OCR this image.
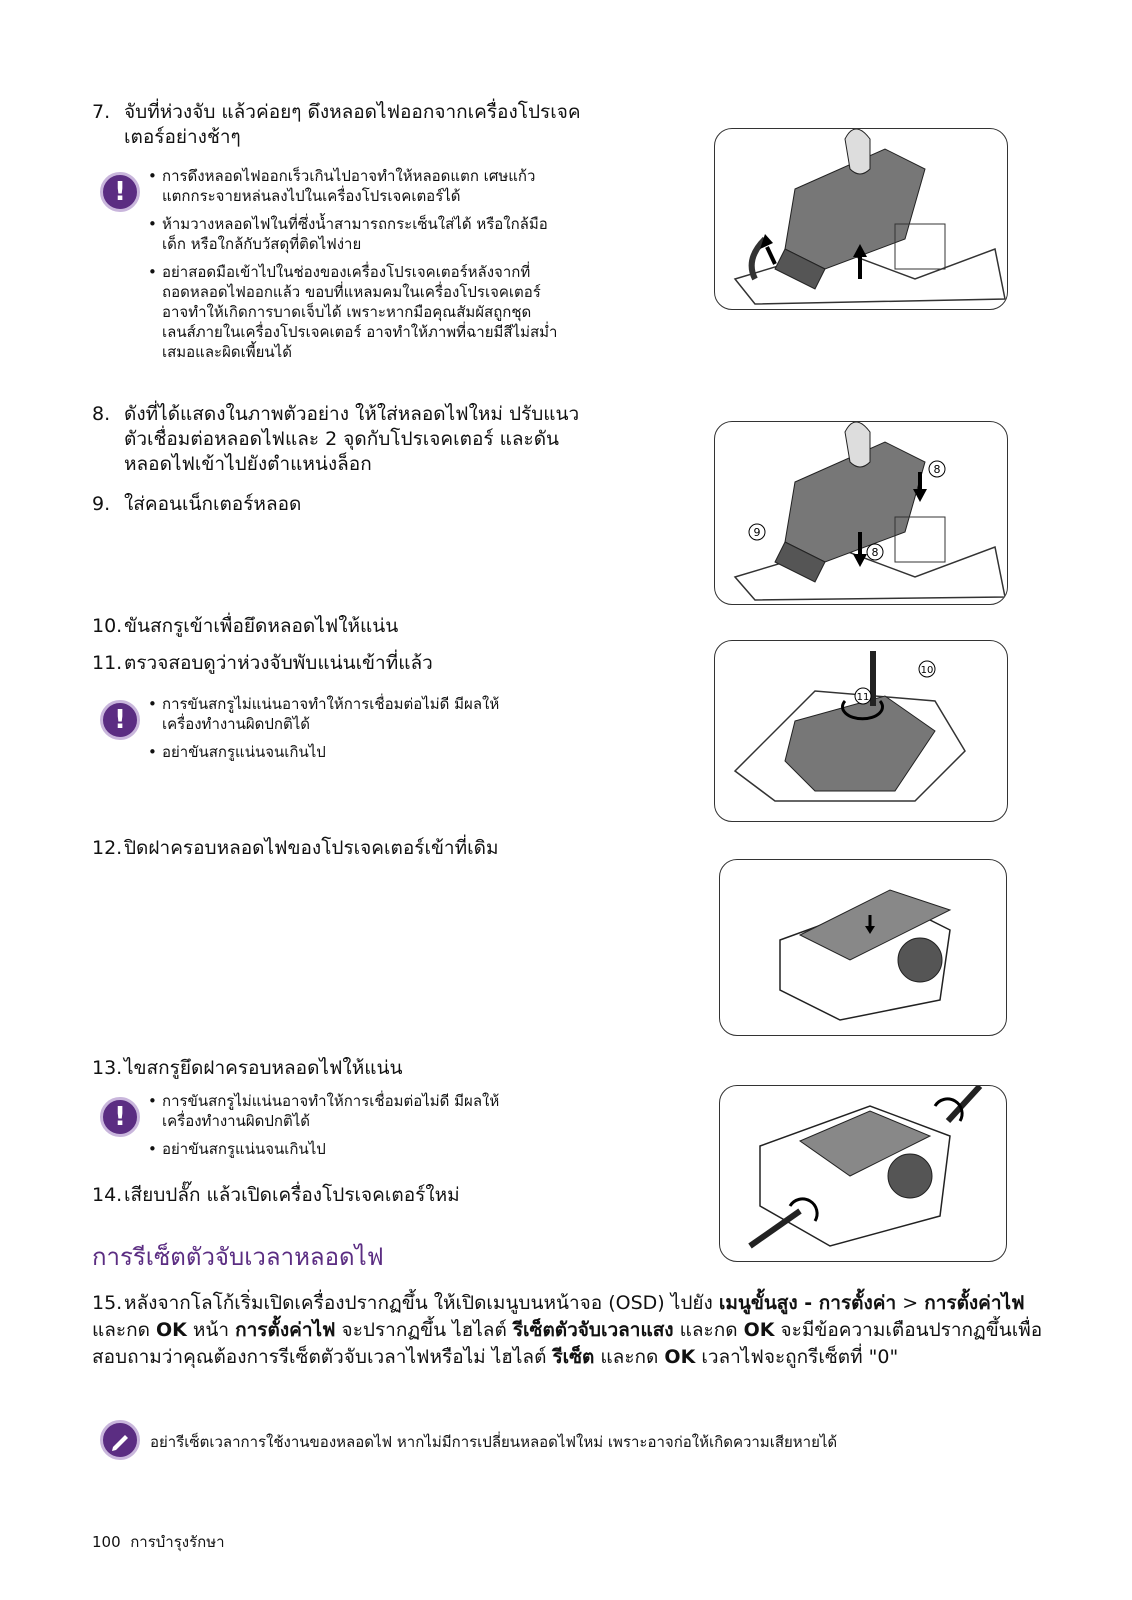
7. จับที่ห่วงจับ แล้วค่อยๆ ดึงหลอดไฟออกจากเครื่องโปรเจค
เตอร์อย่างช้าๆ
!
• การดึงหลอดไฟออกเร็วเกินไปอาจทำให้หลอดแตก เศษแก้ว
แตกกระจายหล่นลงไปในเครื่องโปรเจคเตอร์ได้
• ห้ามวางหลอดไฟในที่ซึ่งน้ำสามารถกระเซ็นใส่ได้ หรือใกล้มือ
เด็ก หรือใกล้กับวัสดุที่ติดไฟง่าย
• อย่าสอดมือเข้าไปในช่องของเครื่องโปรเจคเตอร์หลังจากที่
ถอดหลอดไฟออกแล้ว ขอบที่แหลมคมในเครื่องโปรเจคเตอร์
อาจทำให้เกิดการบาดเจ็บได้ เพราะหากมือคุณสัมผัสถูกชุด
เลนส์ภายในเครื่องโปรเจคเตอร์ อาจทำให้ภาพที่ฉายมีสีไม่สม่ำ
เสมอและผิดเพี้ยนได้
8. ดังที่ได้แสดงในภาพตัวอย่าง ให้ใส่หลอดไฟใหม่ ปรับแนว
ตัวเชื่อมต่อหลอดไฟและ 2 จุดกับโปรเจคเตอร์ และดัน
หลอดไฟเข้าไปยังตำแหน่งล็อก
9. ใส่คอนเน็กเตอร์หลอด
8
9
8
10.ขันสกรูเข้าเพื่อยึดหลอดไฟให้แน่น
11.ตรวจสอบดูว่าห่วงจับพับแน่นเข้าที่แล้ว
!
• การขันสกรูไม่แน่นอาจทำให้การเชื่อมต่อไม่ดี มีผลให้
เครื่องทำงานผิดปกติได้
• อย่าขันสกรูแน่นจนเกินไป
10
11
12.ปิดฝาครอบหลอดไฟของโปรเจคเตอร์เข้าที่เดิม
13.ไขสกรูยึดฝาครอบหลอดไฟให้แน่น
!
• การขันสกรูไม่แน่นอาจทำให้การเชื่อมต่อไม่ดี มีผลให้
เครื่องทำงานผิดปกติได้
• อย่าขันสกรูแน่นจนเกินไป
14.เสียบปลั๊ก แล้วเปิดเครื่องโปรเจคเตอร์ใหม่
การรีเซ็ตตัวจับเวลาหลอดไฟ
15.หลังจากโลโก้เริ่มเปิดเครื่องปรากฏขึ้น ให้เปิดเมนูบนหน้าจอ (OSD) ไปยัง เมนูขั้นสูง - การตั้งค่า > การตั้งค่าไฟ และกด OK หน้า การตั้งค่าไฟ จะปรากฏขึ้น ไฮไลต์ รีเซ็ตตัวจับเวลาแสง และกด OK จะมีข้อความเตือนปรากฏขึ้นเพื่อสอบถามว่าคุณต้องการรีเซ็ตตัวจับเวลาไฟหรือไม่ ไฮไลต์ รีเซ็ต และกด OK เวลาไฟจะถูกรีเซ็ตที่ "0"
อย่ารีเซ็ตเวลาการใช้งานของหลอดไฟ หากไม่มีการเปลี่ยนหลอดไฟใหม่ เพราะอาจก่อให้เกิดความเสียหายได้
100 การบำรุงรักษา
